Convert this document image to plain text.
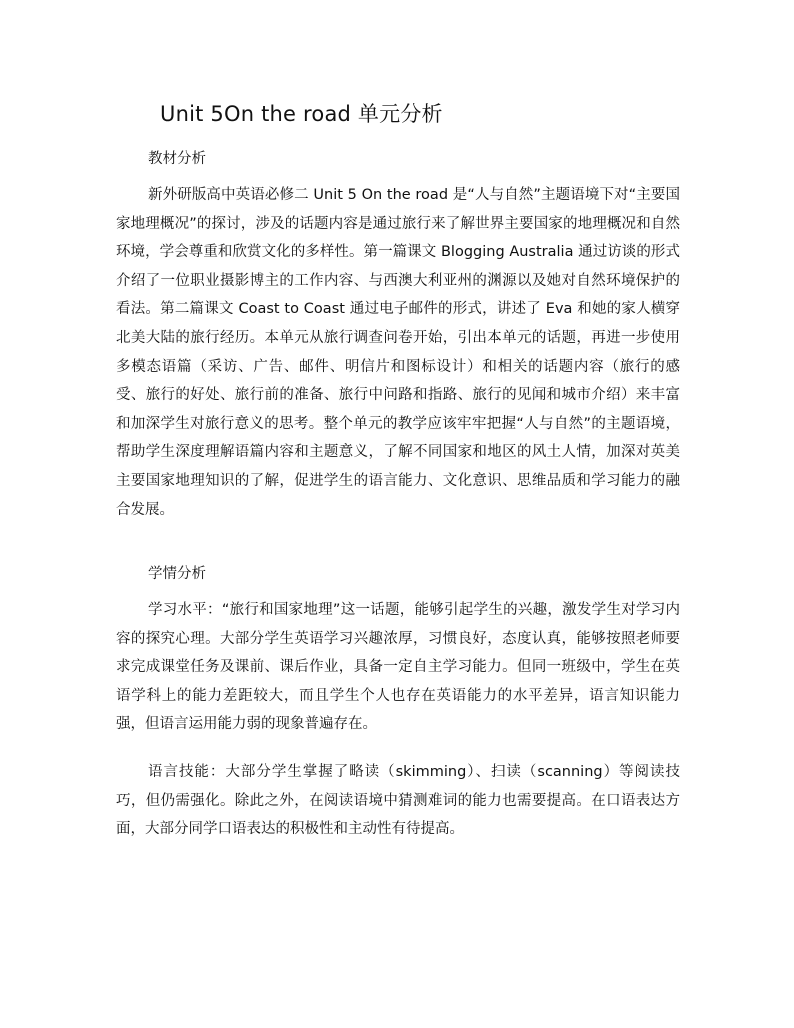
Unit 5On the road 单元分析
教材分析

新外研版高中英语必修二 Unit 5 On the road 是“人与自然”主题语境下对“主要国家地理概况”的探讨，涉及的话题内容是通过旅行来了解世界主要国家的地理概况和自然环境，学会尊重和欣赏文化的多样性。第一篇课文 Blogging Australia 通过访谈的形式介绍了一位职业摄影博主的工作内容、与西澳大利亚州的渊源以及她对自然环境保护的看法。第二篇课文 Coast to Coast 通过电子邮件的形式，讲述了 Eva 和她的家人横穿北美大陆的旅行经历。本单元从旅行调查问卷开始，引出本单元的话题，再进一步使用多模态语篇（采访、广告、邮件、明信片和图标设计）和相关的话题内容（旅行的感受、旅行的好处、旅行前的准备、旅行中问路和指路、旅行的见闻和城市介绍）来丰富和加深学生对旅行意义的思考。整个单元的教学应该牢牢把握“人与自然”的主题语境，帮助学生深度理解语篇内容和主题意义，了解不同国家和地区的风土人情，加深对英美主要国家地理知识的了解，促进学生的语言能力、文化意识、思维品质和学习能力的融合发展。

学情分析

学习水平：“旅行和国家地理”这一话题，能够引起学生的兴趣，激发学生对学习内容的探究心理。大部分学生英语学习兴趣浓厚，习惯良好，态度认真，能够按照老师要求完成课堂任务及课前、课后作业，具备一定自主学习能力。但同一班级中，学生在英语学科上的能力差距较大，而且学生个人也存在英语能力的水平差异，语言知识能力强，但语言运用能力弱的现象普遍存在。

语言技能：大部分学生掌握了略读（skimming）、扫读（scanning）等阅读技巧，但仍需强化。除此之外，在阅读语境中猜测难词的能力也需要提高。在口语表达方面，大部分同学口语表达的积极性和主动性有待提高。
